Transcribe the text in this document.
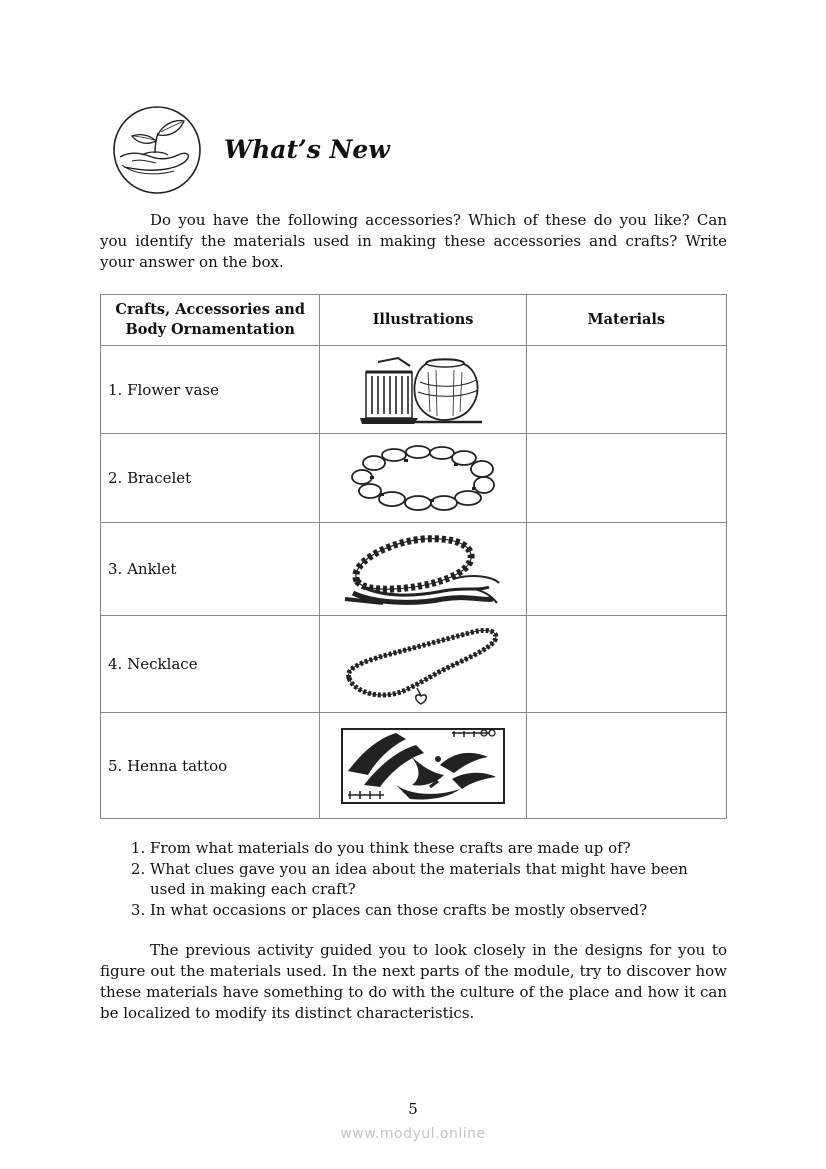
What’s New

Do you have the following accessories? Which of these do you like? Can you identify the materials used in making these accessories and crafts? Write your answer on the box.

Crafts, Accessories and Body Ornamentation	Illustrations	Materials
1. Flower vase	

2. Bracelet	

3. Anklet	

4. Necklace	

5. Henna tattoo	

1. From what materials do you think these crafts are made up of?
2. What clues gave you an idea about the materials that might have been used in making each craft?
3. In what occasions or places can those crafts be mostly observed?

The previous activity guided you to look closely in the designs for you to figure out the materials used. In the next parts of the module, try to discover how these materials have something to do with the culture of the place and how it can be localized to modify its distinct characteristics.

5
www.modyul.online
